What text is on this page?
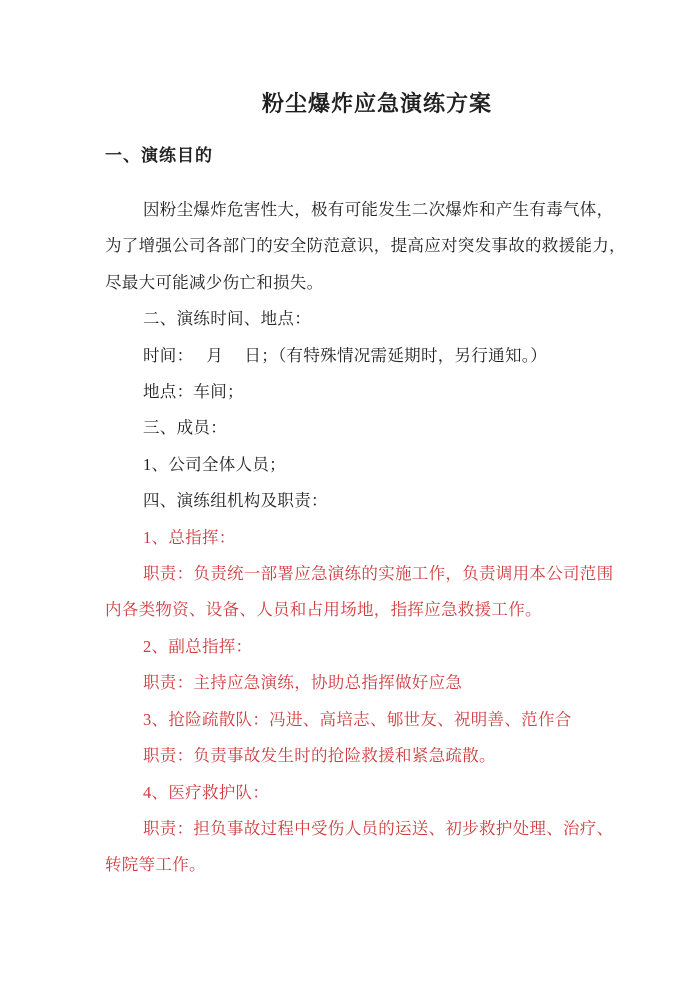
粉尘爆炸应急演练方案
一、演练目的
因粉尘爆炸危害性大，极有可能发生二次爆炸和产生有毒气体，
为了增强公司各部门的安全防范意识，提高应对突发事故的救援能力，
尽最大可能减少伤亡和损失。
二、演练时间、地点：
时间：　 月　 日；（有特殊情况需延期时，另行通知。）
地点：车间；
三、成员：
1、公司全体人员；
四、演练组机构及职责：
1、总指挥：
职责：负责统一部署应急演练的实施工作，负责调用本公司范围
内各类物资、设备、人员和占用场地，指挥应急救援工作。
2、副总指挥：
职责：主持应急演练，协助总指挥做好应急
3、抢险疏散队：冯进、高培志、郇世友、祝明善、范作合
职责：负责事故发生时的抢险救援和紧急疏散。
4、医疗救护队：
职责：担负事故过程中受伤人员的运送、初步救护处理、治疗、
转院等工作。
